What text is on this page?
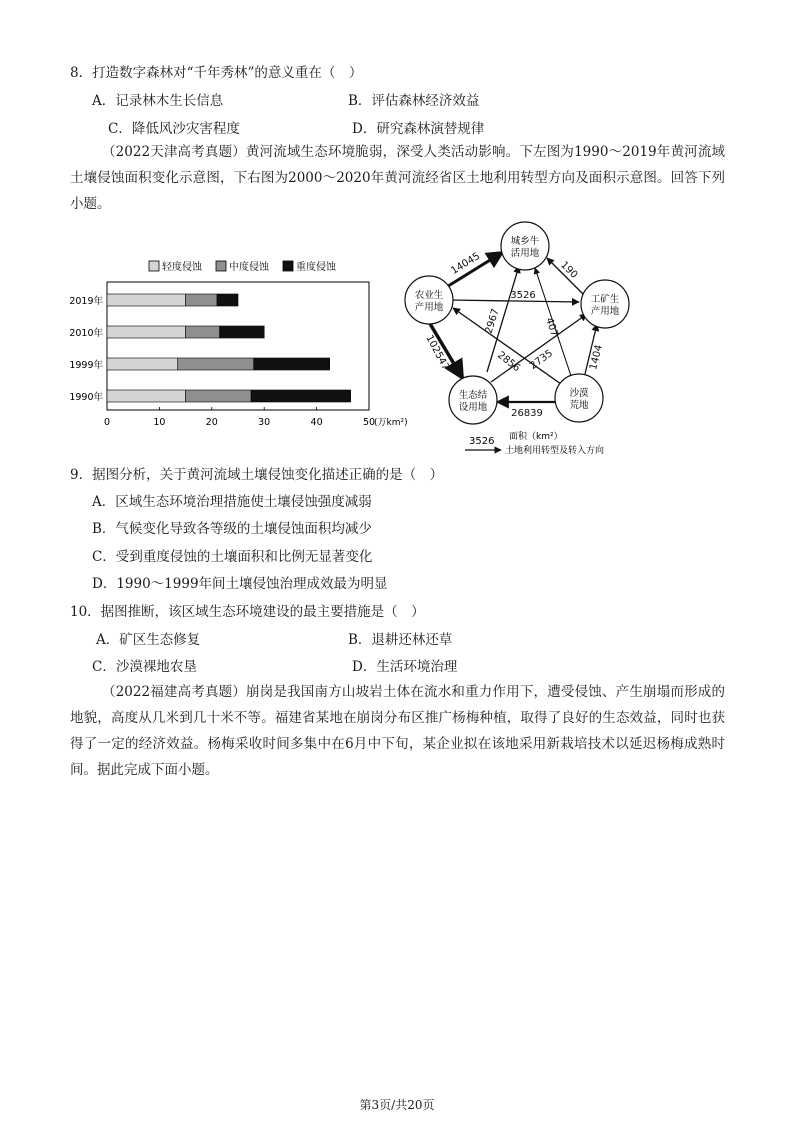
8．打造数字森林对“千年秀林”的意义重在（　）
A．记录林木生长信息	B．评估森林经济效益
C．降低风沙灾害程度	D．研究森林演替规律
（2022天津高考真题）黄河流域生态环境脆弱，深受人类活动影响。下左图为1990～2019年黄河流域土壤侵蚀面积变化示意图，下右图为2000～2020年黄河流经省区土地利用转型方向及面积示意图。回答下列小题。
轻度侵蚀	中度侵蚀	重度侵蚀
2019年
2010年
1999年
1990年
0	10	20	30	40	50
(万km²)
14045	190
3526
102547
2967	407
2856 2735	1404
26839
城乡牛
活用地
工矿生
产用地
农业生
产用地
生态结
设用地
沙漠
荒地
面积（km²）
3526
土地利用转型及转入方向
9．据图分析，关于黄河流域土壤侵蚀变化描述正确的是（　）
A．区域生态环境治理措施使土壤侵蚀强度减弱
B．气候变化导致各等级的土壤侵蚀面积均减少
C．受到重度侵蚀的土壤面积和比例无显著变化
D．1990～1999年间土壤侵蚀治理成效最为明显
10．据图推断，该区域生态环境建设的最主要措施是（　）
A．矿区生态修复	B．退耕还林还草
C．沙漠裸地农垦	D．生活环境治理
（2022福建高考真题）崩岗是我国南方山坡岩土体在流水和重力作用下，遭受侵蚀、产生崩塌而形成的地貌，高度从几米到几十米不等。福建省某地在崩岗分布区推广杨梅种植，取得了良好的生态效益，同时也获得了一定的经济效益。杨梅采收时间多集中在6月中下旬，某企业拟在该地采用新栽培技术以延迟杨梅成熟时间。据此完成下面小题。
第3页/共20页
